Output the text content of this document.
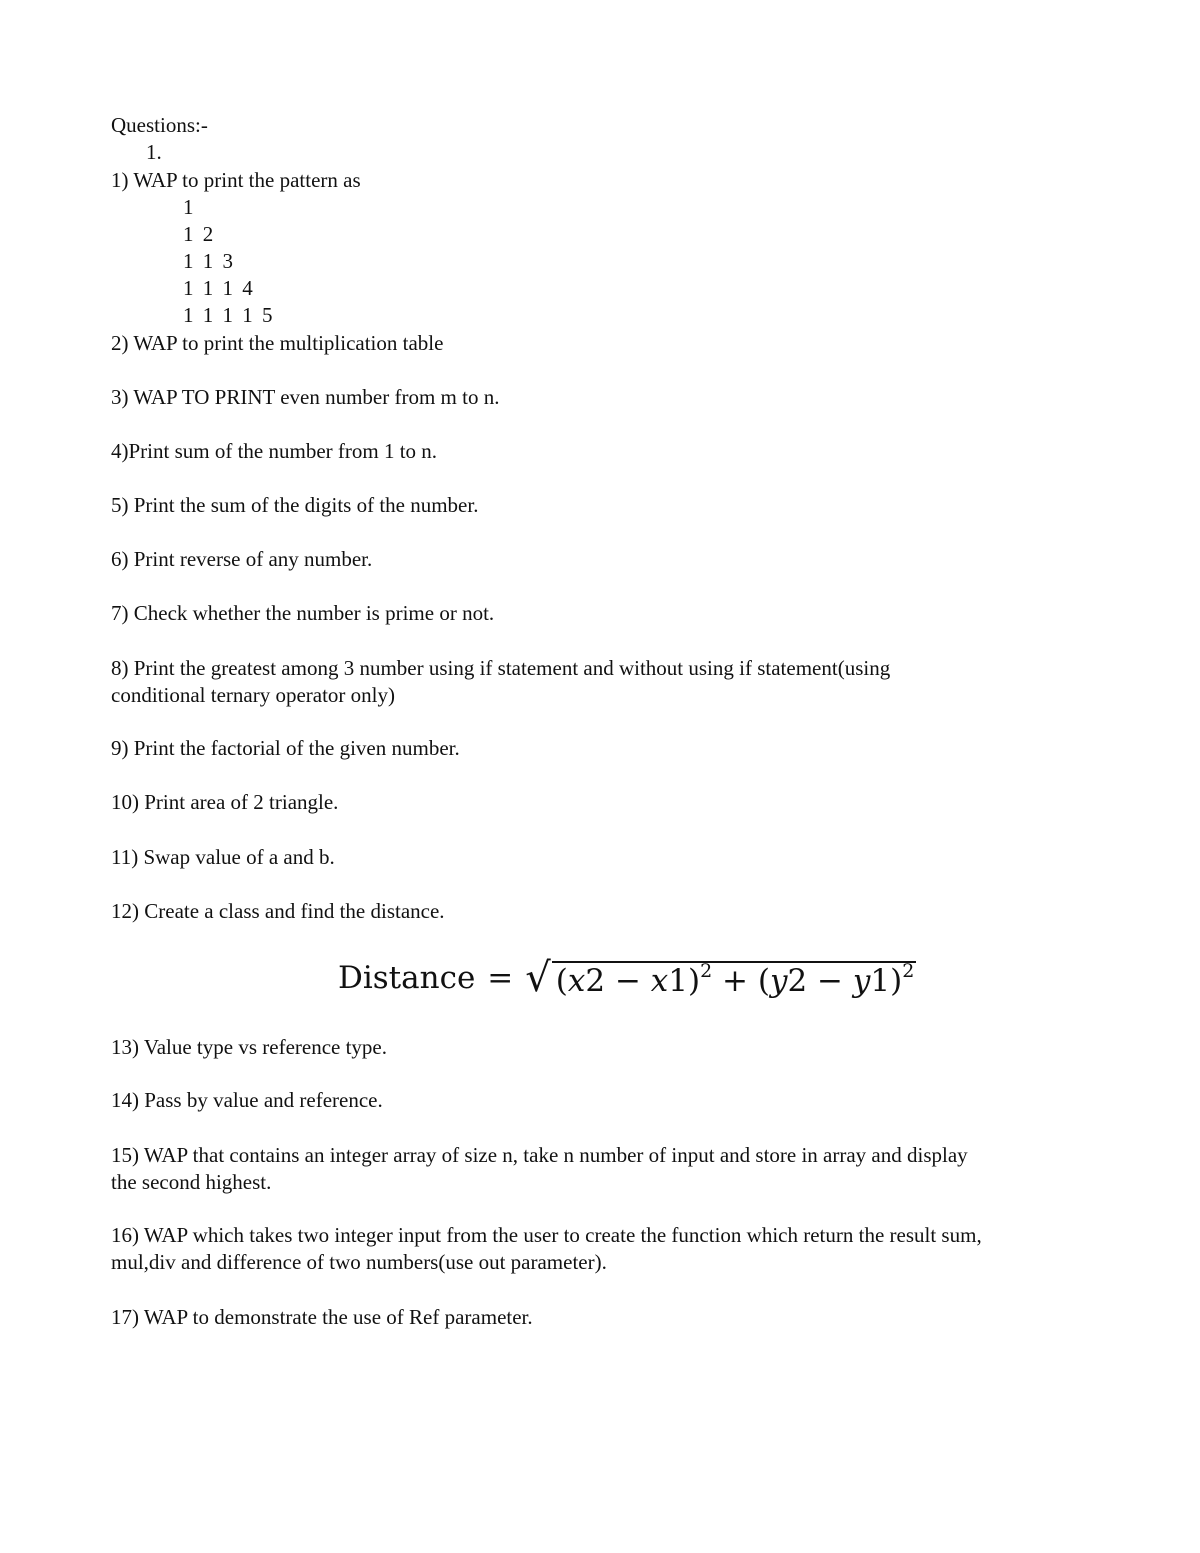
Questions:-

1.

1) WAP to print the pattern as

1

1 2

1 1 3

1 1 1 4

1 1 1 1 5

2) WAP to print the multiplication table

3) WAP TO PRINT even number from m to n.

4)Print sum of the number from 1 to n.

5) Print the sum of the digits of the number.

6) Print reverse of any number.

7) Check whether the number is prime or not.

8) Print the greatest among 3 number using if statement and without using if statement(using

conditional ternary operator only)

9) Print the factorial of the given number.

10) Print area of 2 triangle.

11) Swap value of a and b.

12) Create a class and find the distance.

Distance = √ $(x2 - x1)^2 + (y2 - y1)^2$

13) Value type vs reference type.

14) Pass by value and reference.

15) WAP that contains an integer array of size n, take n number of input and store in array and display

the second highest.

16) WAP which takes two integer input from the user to create the function which return the result sum,

mul,div and difference of two numbers(use out parameter).

17) WAP to demonstrate the use of Ref parameter.
